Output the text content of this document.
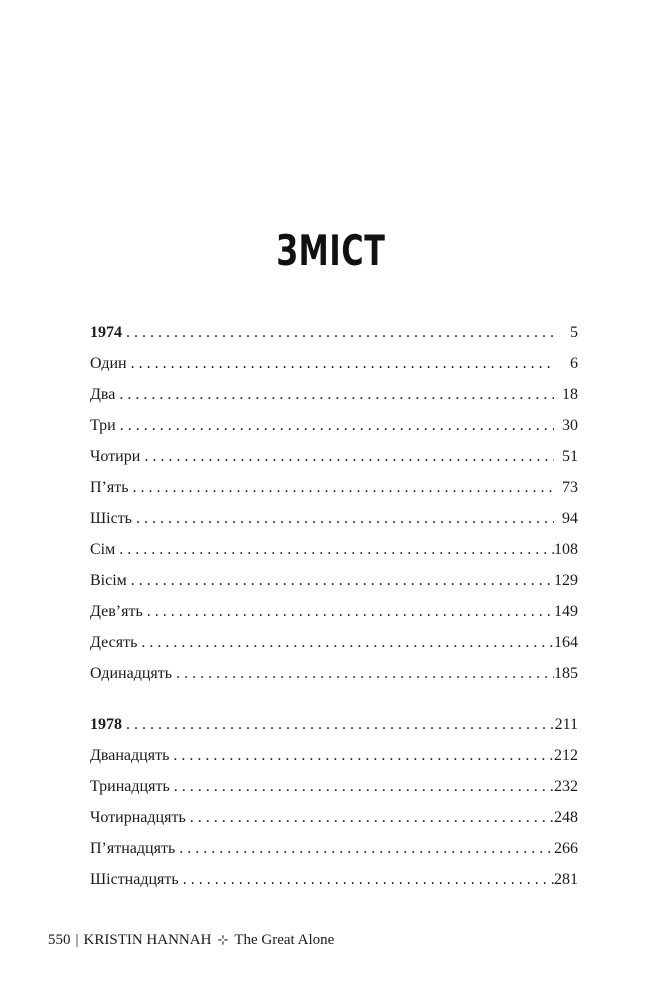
ЗМІСТ
1974 . . .	5
Один . . .	6
Два . . .	18
Три . . .	30
Чотири . . .	51
П’ять . . .	73
Шість . . .	94
Сім . . .	108
Вісім . . .	129
Дев’ять . . .	149
Десять . . .	164
Одинадцять . . .	185
1978 . . .	211
Дванадцять . . .	212
Тринадцять . . .	232
Чотирнадцять . . .	248
П’ятнадцять . . .	266
Шістнадцять . . .	281
550 | KRISTIN HANNAH ⊹ The Great Alone
